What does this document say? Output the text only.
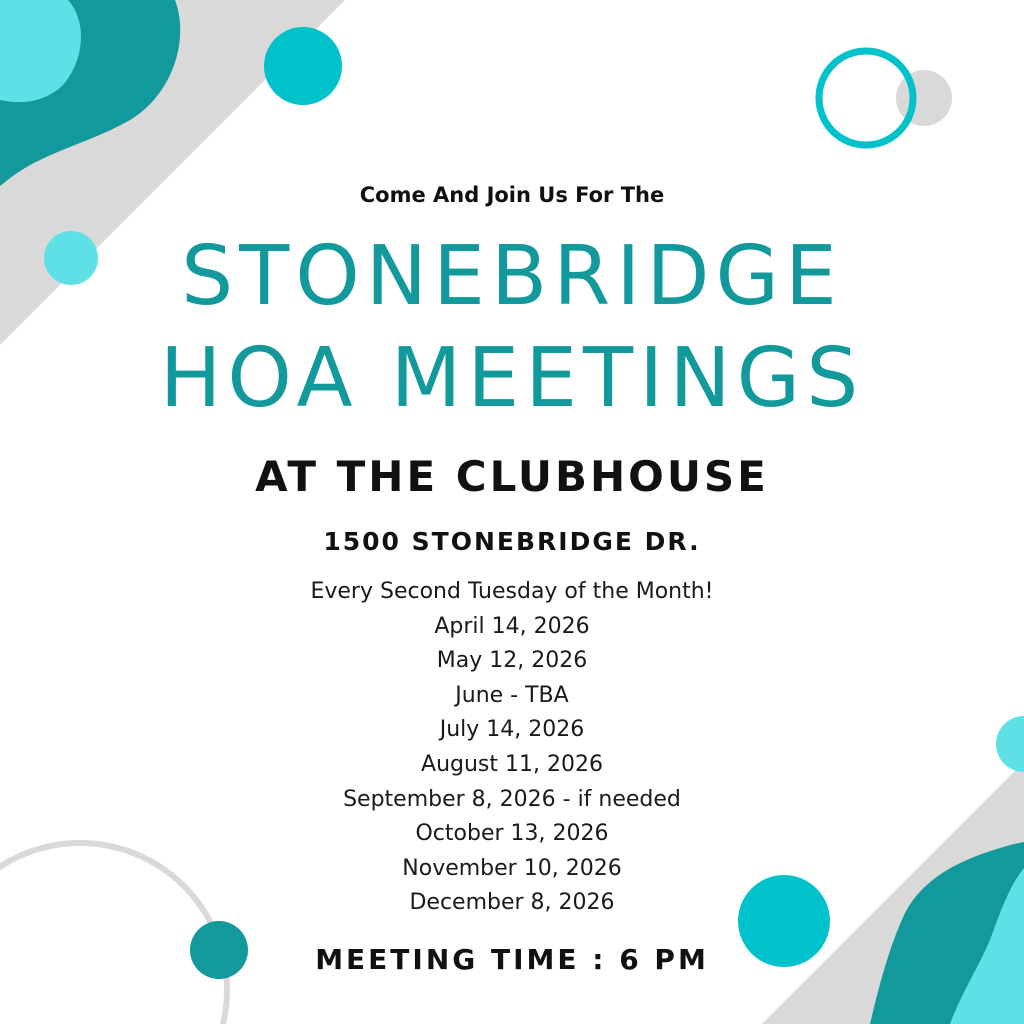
Come And Join Us For The
STONEBRIDGE
HOA MEETINGS
AT THE CLUBHOUSE
1500 STONEBRIDGE DR.
Every Second Tuesday of the Month!
April 14, 2026
May 12, 2026
June - TBA
July 14, 2026
August 11, 2026
September 8, 2026 - if needed
October 13, 2026
November 10, 2026
December 8, 2026
MEETING TIME : 6 PM
